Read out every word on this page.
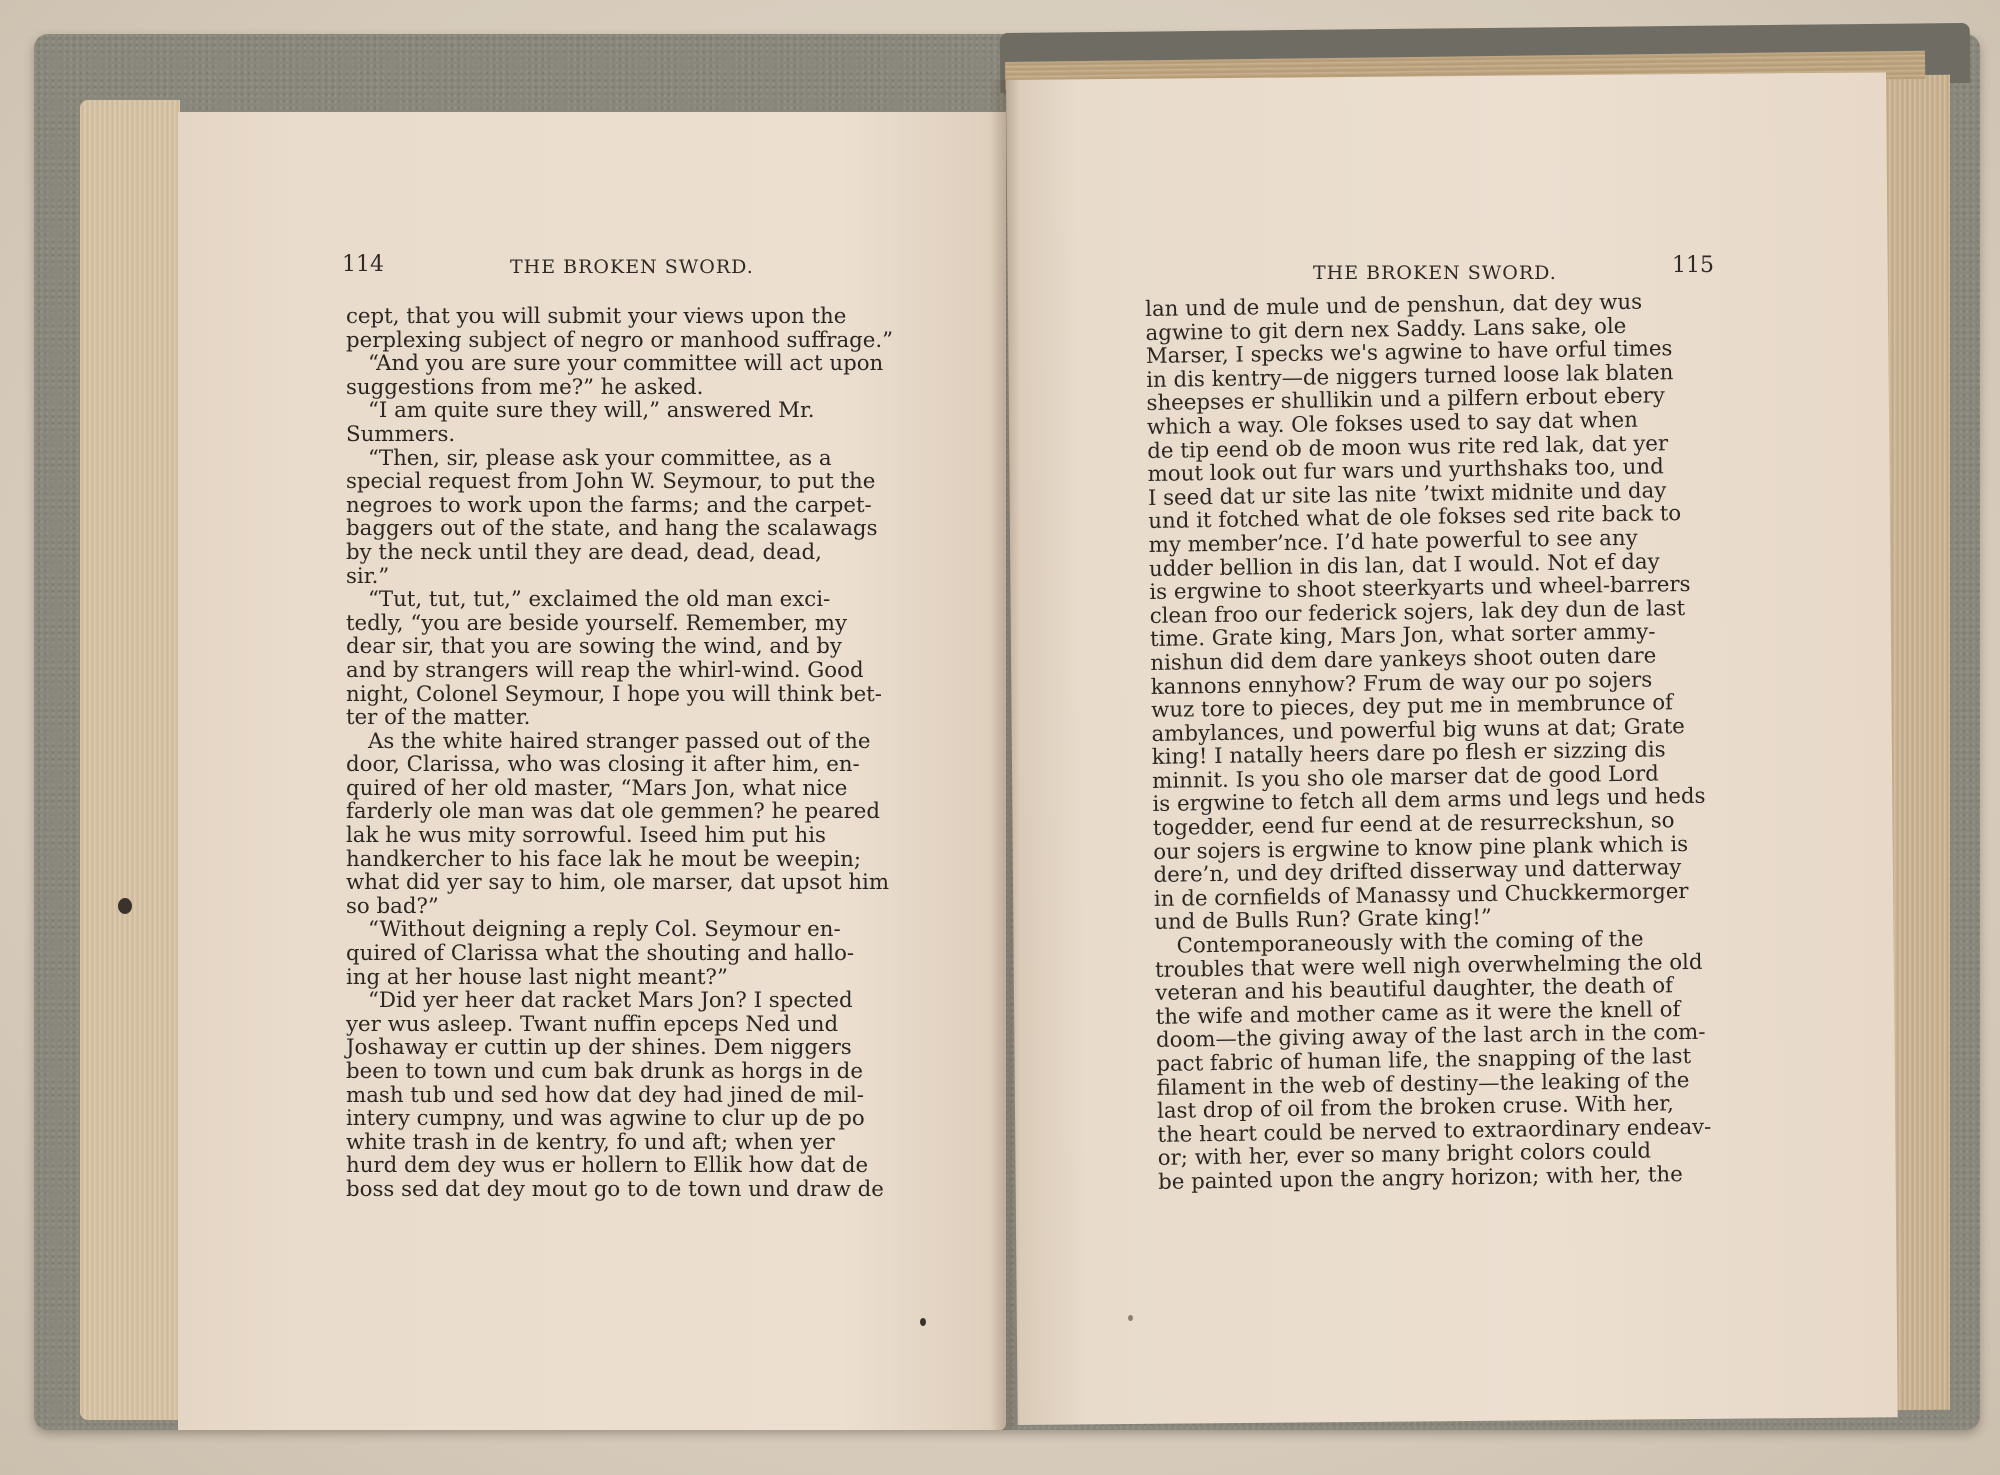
114	THE BROKEN SWORD.	THE BROKEN SWORD.	115
cept, that you will submit your views upon the
perplexing subject of negro or manhood suffrage.”
“And you are sure your committee will act upon
suggestions from me?” he asked.
“I am quite sure they will,” answered Mr.
Summers.
“Then, sir, please ask your committee, as a
special request from John W. Seymour, to put the
negroes to work upon the farms; and the carpet-
baggers out of the state, and hang the scalawags
by the neck until they are dead, dead, dead,
sir.”
“Tut, tut, tut,” exclaimed the old man exci-
tedly, “you are beside yourself. Remember, my
dear sir, that you are sowing the wind, and by
and by strangers will reap the whirl-wind. Good
night, Colonel Seymour, I hope you will think bet-
ter of the matter.
As the white haired stranger passed out of the
door, Clarissa, who was closing it after him, en-
quired of her old master, “Mars Jon, what nice
farderly ole man was dat ole gemmen? he peared
lak he wus mity sorrowful. Iseed him put his
handkercher to his face lak he mout be weepin;
what did yer say to him, ole marser, dat upsot him
so bad?”
“Without deigning a reply Col. Seymour en-
quired of Clarissa what the shouting and hallo-
ing at her house last night meant?”
“Did yer heer dat racket Mars Jon? I spected
yer wus asleep. Twant nuffin epceps Ned und
Joshaway er cuttin up der shines. Dem niggers
been to town und cum bak drunk as horgs in de
mash tub und sed how dat dey had jined de mil-
intery cumpny, und was agwine to clur up de po
white trash in de kentry, fo und aft; when yer
hurd dem dey wus er hollern to Ellik how dat de
boss sed dat dey mout go to de town und draw de
lan und de mule und de penshun, dat dey wus
agwine to git dern nex Saddy. Lans sake, ole
Marser, I specks we's agwine to have orful times
in dis kentry—de niggers turned loose lak blaten
sheepses er shullikin und a pilfern erbout ebery
which a way. Ole fokses used to say dat when
de tip eend ob de moon wus rite red lak, dat yer
mout look out fur wars und yurthshaks too, und
I seed dat ur site las nite ’twixt midnite und day
und it fotched what de ole fokses sed rite back to
my member’nce. I’d hate powerful to see any
udder bellion in dis lan, dat I would. Not ef day
is ergwine to shoot steerkyarts und wheel-barrers
clean froo our federick sojers, lak dey dun de last
time. Grate king, Mars Jon, what sorter ammy-
nishun did dem dare yankeys shoot outen dare
kannons ennyhow? Frum de way our po sojers
wuz tore to pieces, dey put me in membrunce of
ambylances, und powerful big wuns at dat; Grate
king! I natally heers dare po flesh er sizzing dis
minnit. Is you sho ole marser dat de good Lord
is ergwine to fetch all dem arms und legs und heds
togedder, eend fur eend at de resurreckshun, so
our sojers is ergwine to know pine plank which is
dere’n, und dey drifted disserway und datterway
in de cornfields of Manassy und Chuckkermorger
und de Bulls Run? Grate king!”
Contemporaneously with the coming of the
troubles that were well nigh overwhelming the old
veteran and his beautiful daughter, the death of
the wife and mother came as it were the knell of
doom—the giving away of the last arch in the com-
pact fabric of human life, the snapping of the last
filament in the web of destiny—the leaking of the
last drop of oil from the broken cruse. With her,
the heart could be nerved to extraordinary endeav-
or; with her, ever so many bright colors could
be painted upon the angry horizon; with her, the
